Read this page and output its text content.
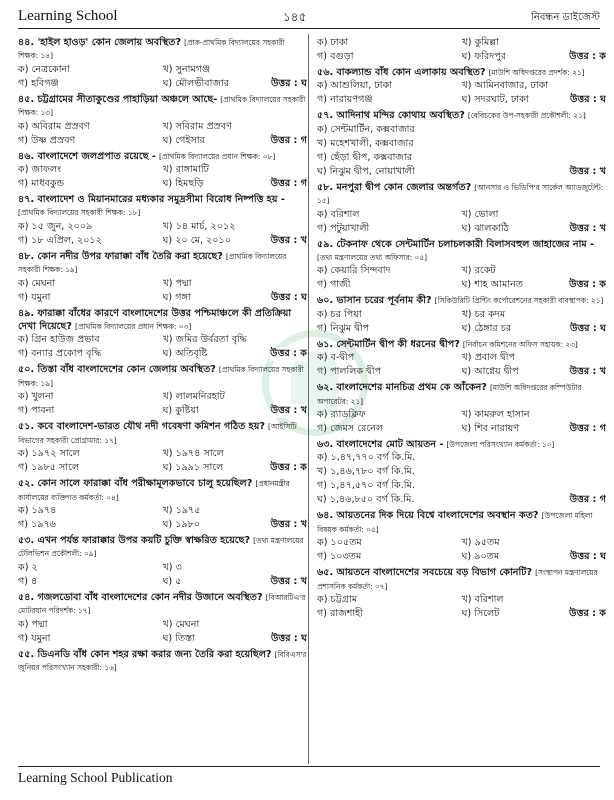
Learning School	১৪৫	নিবন্ধন ডাইজেস্ট
৪৪. 'হাইল হাওড়' কোন জেলায় অবস্থিত? [প্রাক-প্রাথমিক বিদ্যালয়ের সহকারী শিক্ষক: ১৪]
ক) নেত্রকোনা	খ) সুনামগঞ্জ
গ) হবিগঞ্জ	ঘ) মৌলভীবাজার	উত্তর : ঘ
৪৫. চট্টগ্রামের সীতাকুণ্ডের পাহাড়িয়া অঞ্চলে আছে- [প্রাথমিক বিদ্যালয়ের সহকারী শিক্ষক: ১৩]
ক) অবিরাম প্রস্রবণ	খ) সবিরাম প্রস্রবণ
গ) উষ্ণ প্রস্রবণ	ঘ) গেইসার	উত্তর : গ
৪৬. বাংলাদেশে জলপ্রপাত রয়েছে - [প্রাথমিক বিদ্যালয়ের প্রধান শিক্ষক: ০৮]
ক) জাফলং	খ) রাঙ্গামাটি
গ) মাধবকুন্ড	ঘ) হিমছড়ি	উত্তর : গ
৪৭. বাংলাদেশ ও মিয়ানমারের মধ্যকার সমুদ্রসীমা বিরোধ নিষ্পত্তি হয় - [প্রাথমিক বিদ্যালয়ের সহকারী শিক্ষক: ১৮]
ক) ১৫ জুন, ২০০৯	খ) ১৪ মার্চ, ২০১২
গ) ১৮ এপ্রিল, ২০১২	ঘ) ২০ মে, ২০১০	উত্তর : খ
৪৮. কোন নদীর উপর ফারাক্কা বাঁধ তৈরি করা হয়েছে? [প্রাথমিক বিদ্যালয়ের সহকারী শিক্ষক: ১৯]
ক) মেঘনা	খ) পদ্মা
গ) যমুনা	ঘ) গঙ্গা	উত্তর : ঘ
৪৯. ফারাক্কা বাঁধের কারণে বাংলাদেশের উত্তর পশ্চিমাঞ্চলে কী প্রতিক্রিয়া দেখা দিয়েছে? [প্রাথমিক বিদ্যালয়ের প্রধান শিক্ষক: ০৩]
ক) গ্রিন হাউজ প্রভাব	খ) জমির উর্বরতা বৃদ্ধি
গ) বন্যার প্রকোপ বৃদ্ধি	ঘ) অতিবৃষ্টি	উত্তর : ক
৫০. তিস্তা বাঁধ বাংলাদেশের কোন জেলায় অবস্থিত? [প্রাথমিক বিদ্যালয়ের সহকারী শিক্ষক: ১৯]
ক) খুলনা	খ) লালমনিরহাট
গ) পাবনা	ঘ) কুষ্টিয়া	উত্তর : খ
৫১. কবে বাংলাদেশ-ভারত যৌথ নদী গবেষণা কমিশন গঠিত হয়? [আইসিটি বিভাগের সহকারী প্রোগ্রামার: ১৭]
ক) ১৯৭২ সালে	খ) ১৯৭৪ সালে
গ) ১৯৮৫ সালে	ঘ) ১৯৯১ সালে	উত্তর : ক
৫২. কোন সালে ফারাক্কা বাঁধ পরীক্ষামূলকভাবে চালু হয়েছিল? [প্রধানমন্ত্রীর কার্যালয়ের ব্যক্তিগত কর্মকর্তা: ০৪]
ক) ১৯৭৪	খ) ১৯৭৫
গ) ১৯৭৬	ঘ) ১৯৮০	উত্তর : খ
৫৩. এখন পর্যন্ত ফারাক্কার উপর কয়টি চুক্তি স্বাক্ষরিত হয়েছে? [তথ্য মন্ত্রণালয়ের টেলিভিশন প্রকৌশলী: ০৯]
ক) ২	খ) ৩
গ) ৪	ঘ) ৫	উত্তর : খ
৫৪. গজলডোবা বাঁধ বাংলাদেশের কোন নদীর উজানে অবস্থিত? [বিআরটিএ'র মোটরযান পরিদর্শক: ১৭]
ক) পদ্মা	খ) মেঘনা
গ) যমুনা	ঘ) তিস্তা	উত্তর : ঘ
৫৫. ডিএনডি বাঁধ কোন শহর রক্ষা করার জন্য তৈরি করা হয়েছিল? [বিবিএস'র জুনিয়র পরিসংখ্যান সহকারী: ১৬]
ক) ঢাকা	খ) কুমিল্লা
গ) বগুড়া	ঘ) ফরিদপুর	উত্তর : ক
৫৬. বাকল্যান্ড বাঁধ কোন এলাকায় অবস্থিত? [মাউশি অধিদপ্তরের প্রদর্শক: ২১]
ক) আশুলিয়া, ঢাকা	খ) আমিনবাজার, ঢাকা
গ) নারায়ণগঞ্জ	ঘ) সদরঘাট, ঢাকা	উত্তর : ঘ
৫৭. আদিনাথ মন্দির কোথায় অবস্থিত? [বেবিচকের উপ-সহকারী প্রকৌশলী: ২১]
ক) সেন্টমার্টিন, কক্সবাজার
খ) মহেশখালী, কক্সবাজার
গ) ছেঁড়া দ্বীপ, কক্সবাজার
ঘ) নিঝুম দ্বীপ, নোয়াখালী	উত্তর : খ
৫৮. মনপুরা দ্বীপ কোন জেলার অন্তর্গত? [আনসার ও ভিডিপি'র সার্কেল অ্যাডজুটেন্ট: ১৫]
ক) বরিশাল	খ) ভোলা
গ) পটুয়াখালী	ঘ) ঝালকাঠি	উত্তর : খ
৫৯. টেকনাফ থেকে সেন্টমার্টিন চলাচলকারী বিলাসবহুল জাহাজের নাম - [তথ্য মন্ত্রণালয়ের তথ্য অফিসার: ০৫]
ক) কেয়ারি সিন্দবাদ	খ) রকেট
গ) গাজী	ঘ) শাহ আমানত	উত্তর : ক
৬০. ভাসান চরের পূর্বনাম কী? [সিকিউরিটি প্রিন্টিং কর্পোরেশনের সহকারী ব্যবস্থাপক: ২১]
ক) চর পিয়া	খ) চর কদম
গ) নিঝুম দ্বীপ	ঘ) ঠেঙ্গার চর	উত্তর : ঘ
৬১. সেন্টমার্টিন দ্বীপ কী ধরনের দ্বীপ? [নির্বাচন কমিশনের অফিস সহায়ক: ২৩]
ক) ব-দ্বীপ	খ) প্রবাল দ্বীপ
গ) পাললিক দ্বীপ	ঘ) আগ্নেয় দ্বীপ	উত্তর : খ
৬২. বাংলাদেশের মানচিত্র প্রথম কে আঁকেন? [মাউশি অধিদপ্তরের কম্পিউটার অপারেটর: ২১]
ক) র‍্যাডক্লিফ	খ) কামরুল হাসান
গ) জেমস রেনেল	ঘ) শিব নারায়ণ	উত্তর : গ
৬৩. বাংলাদেশের মোট আয়তন - [উপজেলা পরিসংখ্যান কর্মকর্তা: ১০]
ক) ১,৪৭,৭৭০ বর্গ কি.মি.
খ) ১,৪৬,৭৮০ বর্গ কি.মি.
গ) ১,৪৭,৫৭০ বর্গ কি.মি.
ঘ) ১,৪৬,৮৫০ বর্গ কি.মি.	উত্তর : গ
৬৪. আয়তনের দিক দিয়ে বিশ্বে বাংলাদেশের অবস্থান কত? [উপজেলা মহিলা বিষয়ক কর্মকর্তা: ০৫]
ক) ১০৫তম	খ) ৯৫তম
গ) ১০৩তম	ঘ) ৯০তম	উত্তর : ঘ
৬৫. আয়তনে বাংলাদেশের সবচেয়ে বড় বিভাগ কোনটি? [সংস্থাপন মন্ত্রণালয়ের প্রশাসনিক কর্মকর্তা: ০৭]
ক) চট্টগ্রাম	খ) বরিশাল
গ) রাজশাহী	ঘ) সিলেট	উত্তর : ক
Learning School Publication
